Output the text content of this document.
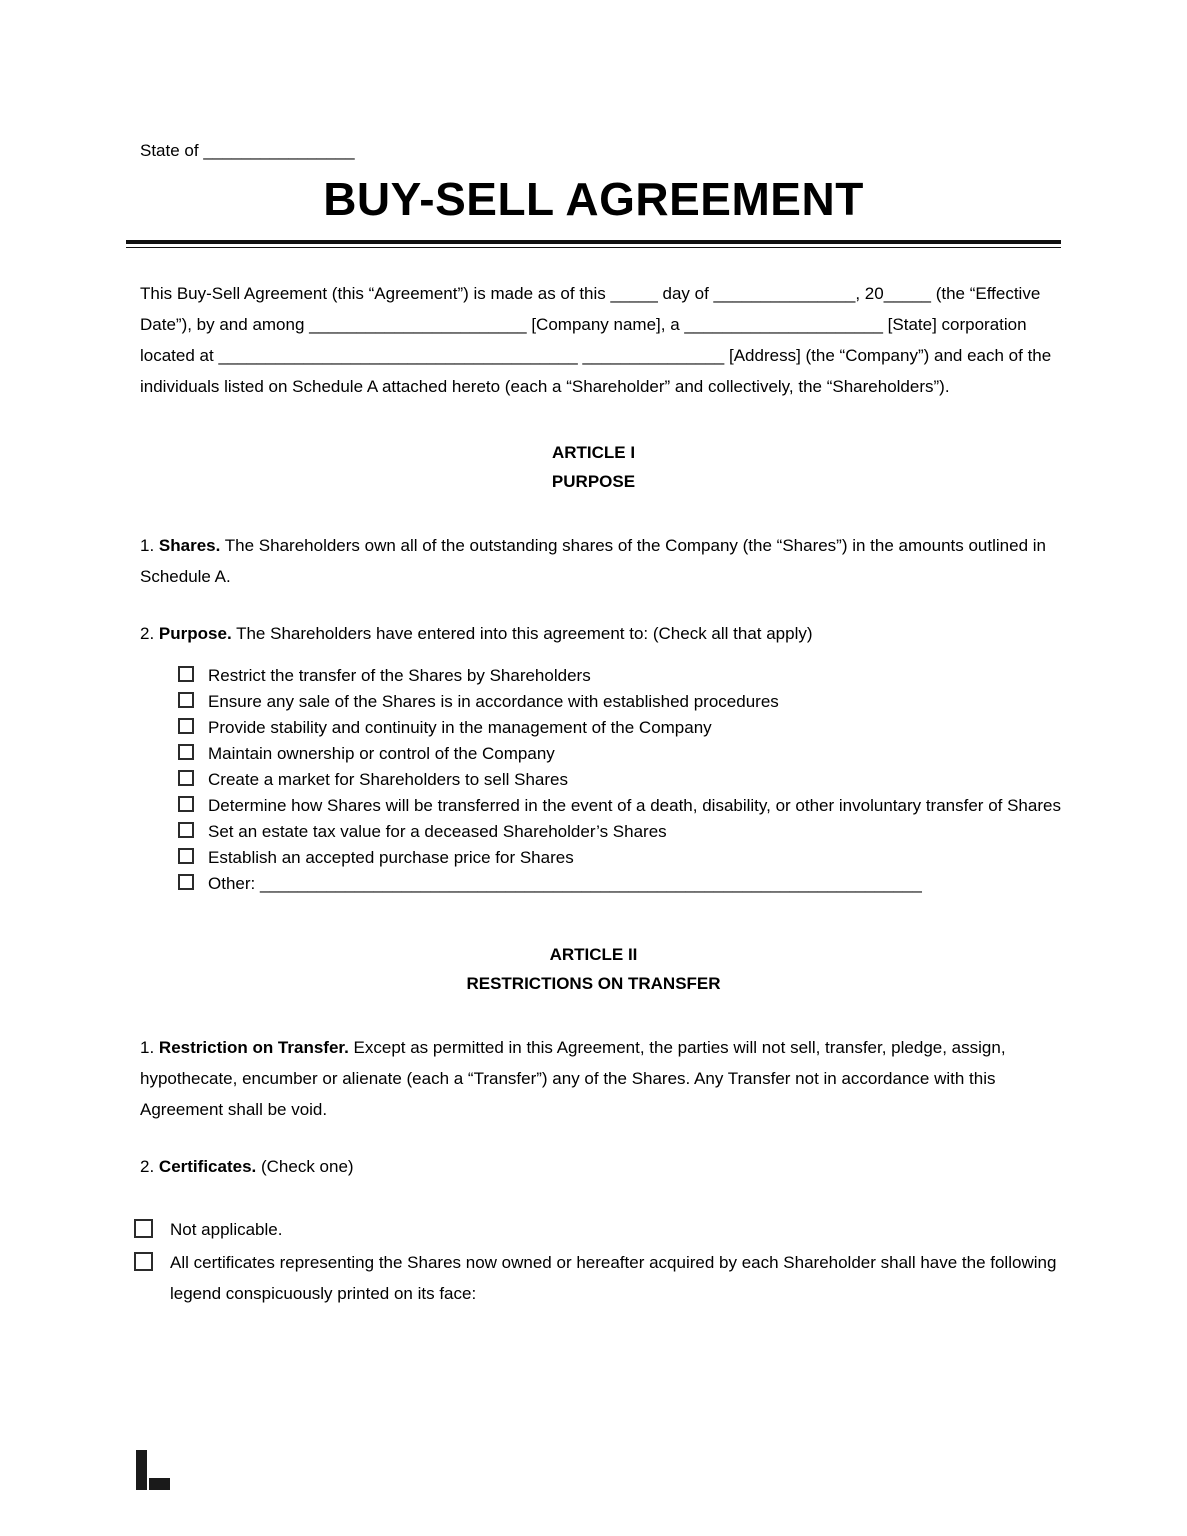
State of ________________
BUY-SELL AGREEMENT

This Buy-Sell Agreement (this “Agreement”) is made as of this _____ day of _______________, 20_____ (the “Effective Date”), by and among _______________________ [Company name], a _____________________ [State] corporation located at ______________________________________ _______________ [Address] (the “Company”) and each of the individuals listed on Schedule A attached hereto (each a “Shareholder” and collectively, the “Shareholders”).

ARTICLE I
PURPOSE

1. Shares. The Shareholders own all of the outstanding shares of the Company (the “Shares”) in the amounts outlined in Schedule A.

2. Purpose. The Shareholders have entered into this agreement to: (Check all that apply)

Restrict the transfer of the Shares by Shareholders
Ensure any sale of the Shares is in accordance with established procedures
Provide stability and continuity in the management of the Company
Maintain ownership or control of the Company
Create a market for Shareholders to sell Shares
Determine how Shares will be transferred in the event of a death, disability, or other involuntary transfer of Shares
Set an estate tax value for a deceased Shareholder’s Shares
Establish an accepted purchase price for Shares
Other: ______________________________________________________________________
ARTICLE II
RESTRICTIONS ON TRANSFER

1. Restriction on Transfer. Except as permitted in this Agreement, the parties will not sell, transfer, pledge, assign, hypothecate, encumber or alienate (each a “Transfer”) any of the Shares. Any Transfer not in accordance with this Agreement shall be void.

2. Certificates. (Check one)

Not applicable.
All certificates representing the Shares now owned or hereafter acquired by each Shareholder shall have the following legend conspicuously printed on its face:
